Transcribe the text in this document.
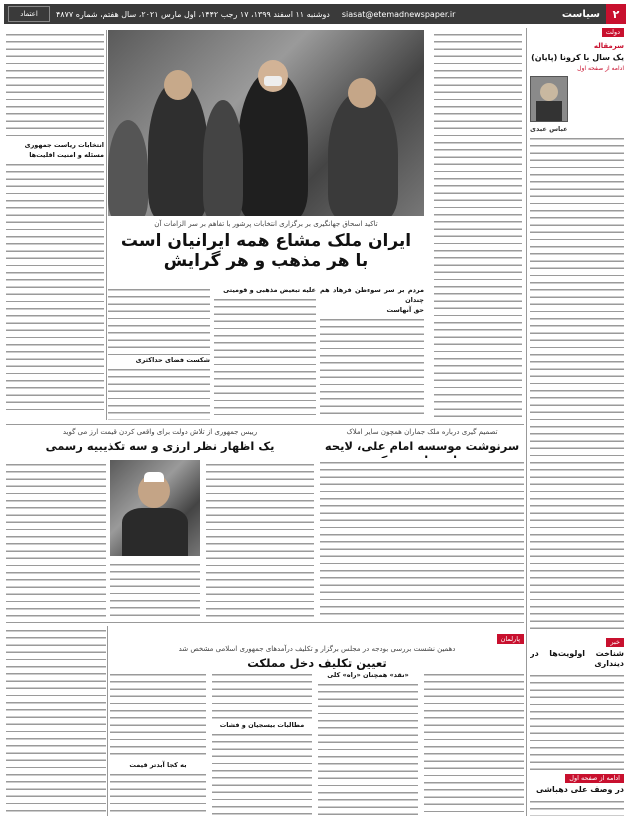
۲
سیاست
siasat@etemadnewspaper.ir
دوشنبه ۱۱ اسفند ۱۳۹۹، ۱۷ رجب ۱۴۴۲، اول مارس ۲۰۲۱، سال هفتم، شماره ۴۸۷۷
اعتماد
دولت
سرمقاله
یک سال با کرونا (پایان)
ادامه از صفحه اول
عباس عبدی
خبر
شناخت اولویت‌ها در دینداری
ادامه از صفحه اول
در وصف علی دهباشی
تاکید اسحاق جهانگیری بر برگزاری انتخابات پرشور با تفاهم بر سر الزامات آن
ایران ملک مشاع همه ایرانیان است
با هر مذهب و هر گرایش
مردم بر سر سوءظن فرهاد هم چندان
حق آنهاست
علیه تبعیض مذهبی و قومیتی
شکست فضای حداکثری
انتخابات ریاست جمهوری
مسئله و امنیت اقلیت‌ها
تصمیم گیری درباره ملک جماران همچون سایر املاک
سرنوشت موسسه امام علی، لایحه
رییس جمهوری از تلاش دولت برای واقعی کردن قیمت ارز می گوید
یک اظهار نظر ارزی و سه تکذیبیه رسمی
پارلمان
دهمین نشست بررسی بودجه در مجلس برگزار و تکلیف درآمدهای جمهوری اسلامی مشخص شد
تعیین تکلیف دخل مملکت
«نقد» همچنان «راه» کلی
مطالبات بیسجیان و فشات
به کجا آبدتر قیمت
